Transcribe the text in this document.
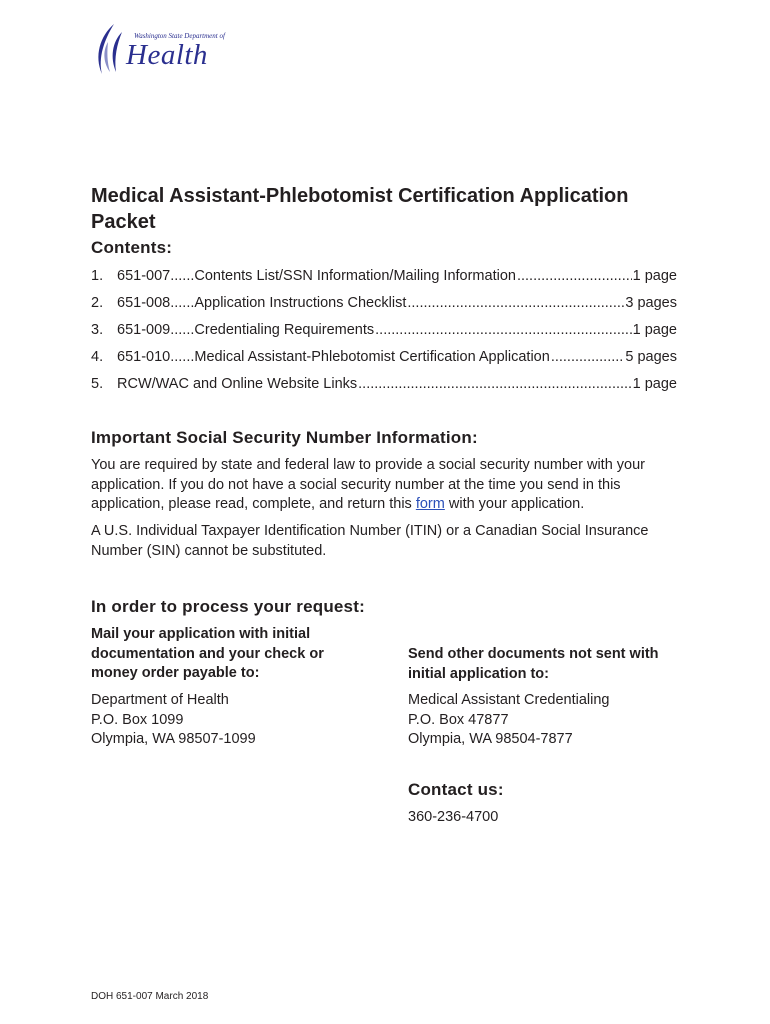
Washington State Department of
Health
Medical Assistant-Phlebotomist Certification Application Packet
Contents:
1. 651-007 ...... Contents List/SSN Information/Mailing Information .....	1 page
2. 651-008 ...... Application Instructions Checklist .....	3 pages
3. 651-009 ...... Credentialing Requirements .....	1 page
4. 651-010 ...... Medical Assistant-Phlebotomist Certification Application .....	5 pages
5. RCW/WAC and Online Website Links .....	1 page
Important Social Security Number Information:

You are required by state and federal law to provide a social security number with your application. If you do not have a social security number at the time you send in this application, please read, complete, and return this form with your application.

A U.S. Individual Taxpayer Identification Number (ITIN) or a Canadian Social Insurance Number (SIN) cannot be substituted.

In order to process your request:

Mail your application with initial documentation and your check or money order payable to:

Department of Health
P.O. Box 1099
Olympia, WA 98507-1099

Send other documents not sent with initial application to:

Medical Assistant Credentialing
P.O. Box 47877
Olympia, WA 98504-7877

Contact us:

360-236-4700

DOH 651-007 March 2018
